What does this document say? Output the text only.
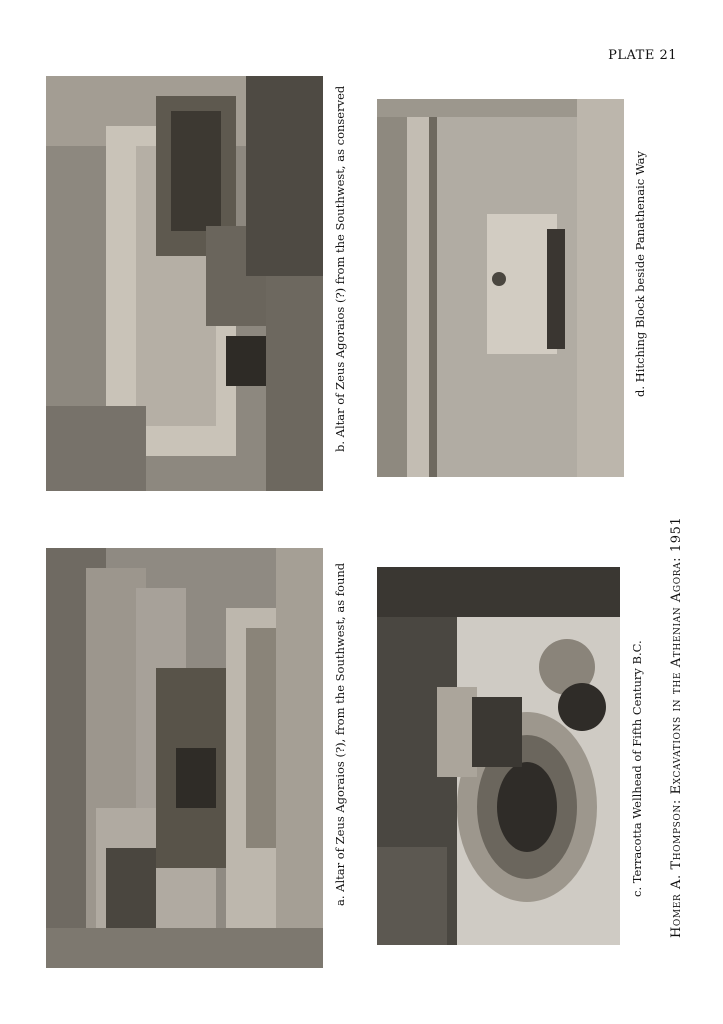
PLATE 21
a. Altar of Zeus Agoraios (?), from the Southwest, as found
b. Altar of Zeus Agoraios (?) from the Southwest, as conserved
c. Terracotta Wellhead of Fifth Century B.C.
d. Hitching Block beside Panathenaic Way
Homer A. Thompson: Excavations in the Athenian Agora: 1951
